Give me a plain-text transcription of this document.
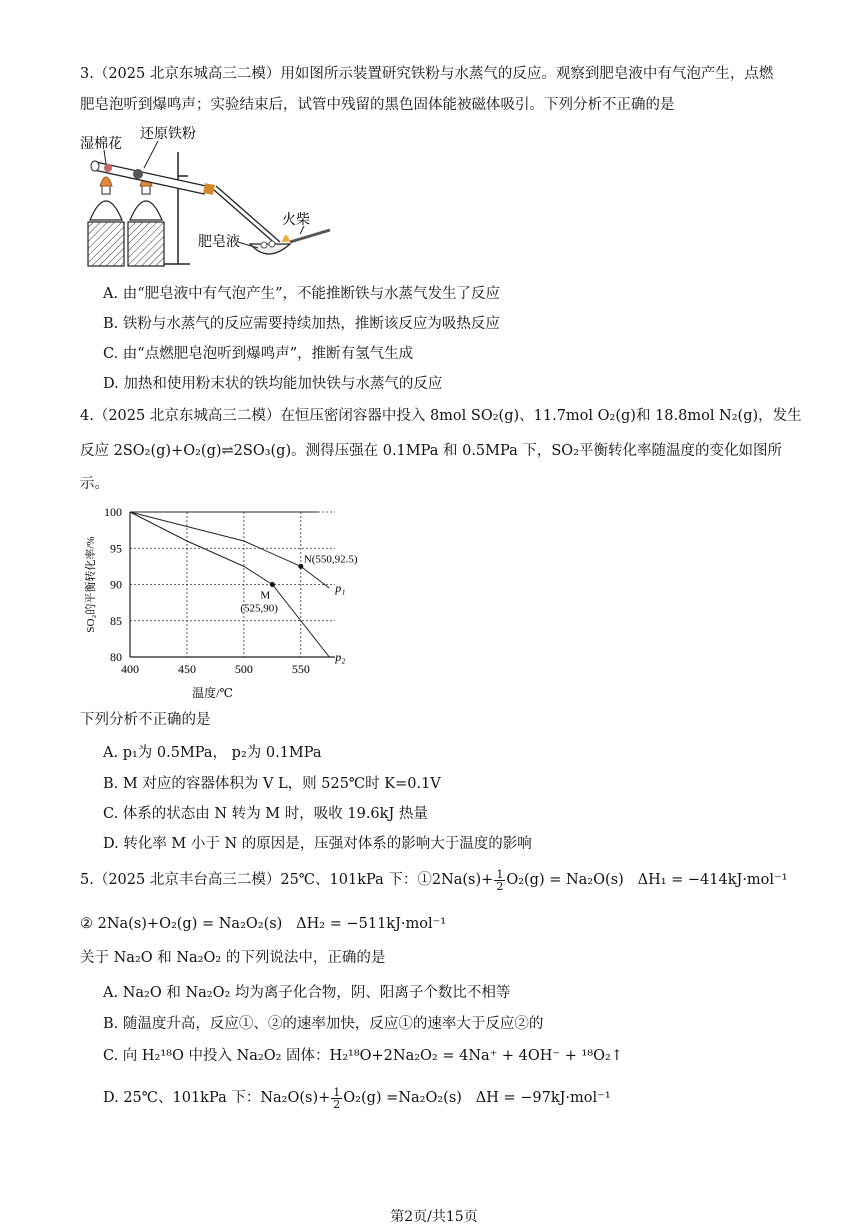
3.（2025 北京东城高三二模）用如图所示装置研究铁粉与水蒸气的反应。观察到肥皂液中有气泡产生，点燃
肥皂泡听到爆鸣声；实验结束后，试管中残留的黑色固体能被磁体吸引。下列分析不正确的是
湿棉花
还原铁粉
火柴
肥皂液
A. 由“肥皂液中有气泡产生”，不能推断铁与水蒸气发生了反应
B. 铁粉与水蒸气的反应需要持续加热，推断该反应为吸热反应
C. 由“点燃肥皂泡听到爆鸣声”，推断有氢气生成
D. 加热和使用粉末状的铁均能加快铁与水蒸气的反应
4.（2025 北京东城高三二模）在恒压密闭容器中投入 8mol SO₂(g)、11.7mol O₂(g)和 18.8mol N₂(g)，发生
反应 2SO₂(g)+O₂(g)⇌2SO₃(g)。测得压强在 0.1MPa 和 0.5MPa 下，SO₂平衡转化率随温度的变化如图所
示。
400	450	500	550
80
85
90
95
100
温度/℃
SO₂的平衡转化率/%	p₁
p₂
N(550,92.5)
M
(525,90)
下列分析不正确的是
A. p₁为 0.5MPa， p₂为 0.1MPa
B. M 对应的容器体积为 V L，则 525℃时 K=0.1V
C. 体系的状态由 N 转为 M 时，吸收 19.6kJ 热量
D. 转化率 M 小于 N 的原因是，压强对体系的影响大于温度的影响
5.（2025 北京丰台高三二模）25℃、101kPa 下：①2Na(s)+ $\frac{1}{2} O_2(g) = Na_2O(s) \Delta H_1 = -414kJ\cdot mol^{-1}$
② 2Na(s)+O₂(g) = Na₂O₂(s) ΔH₂ = −511kJ·mol⁻¹
关于 Na₂O 和 Na₂O₂ 的下列说法中，正确的是
A. Na₂O 和 Na₂O₂ 均为离子化合物，阴、阳离子个数比不相等
B. 随温度升高，反应①、②的速率加快，反应①的速率大于反应②的
C. 向 H₂¹⁸O 中投入 Na₂O₂ 固体：H₂¹⁸O+2Na₂O₂ = 4Na⁺ + 4OH⁻ + ¹⁸O₂↑
D. 25℃、101kPa 下：$Na_2O(s)+ \frac{1}{2} O_2(g) =Na_2O_2(s) \Delta H = -97kJ\cdot mol^{-1}$
第2页/共15页
